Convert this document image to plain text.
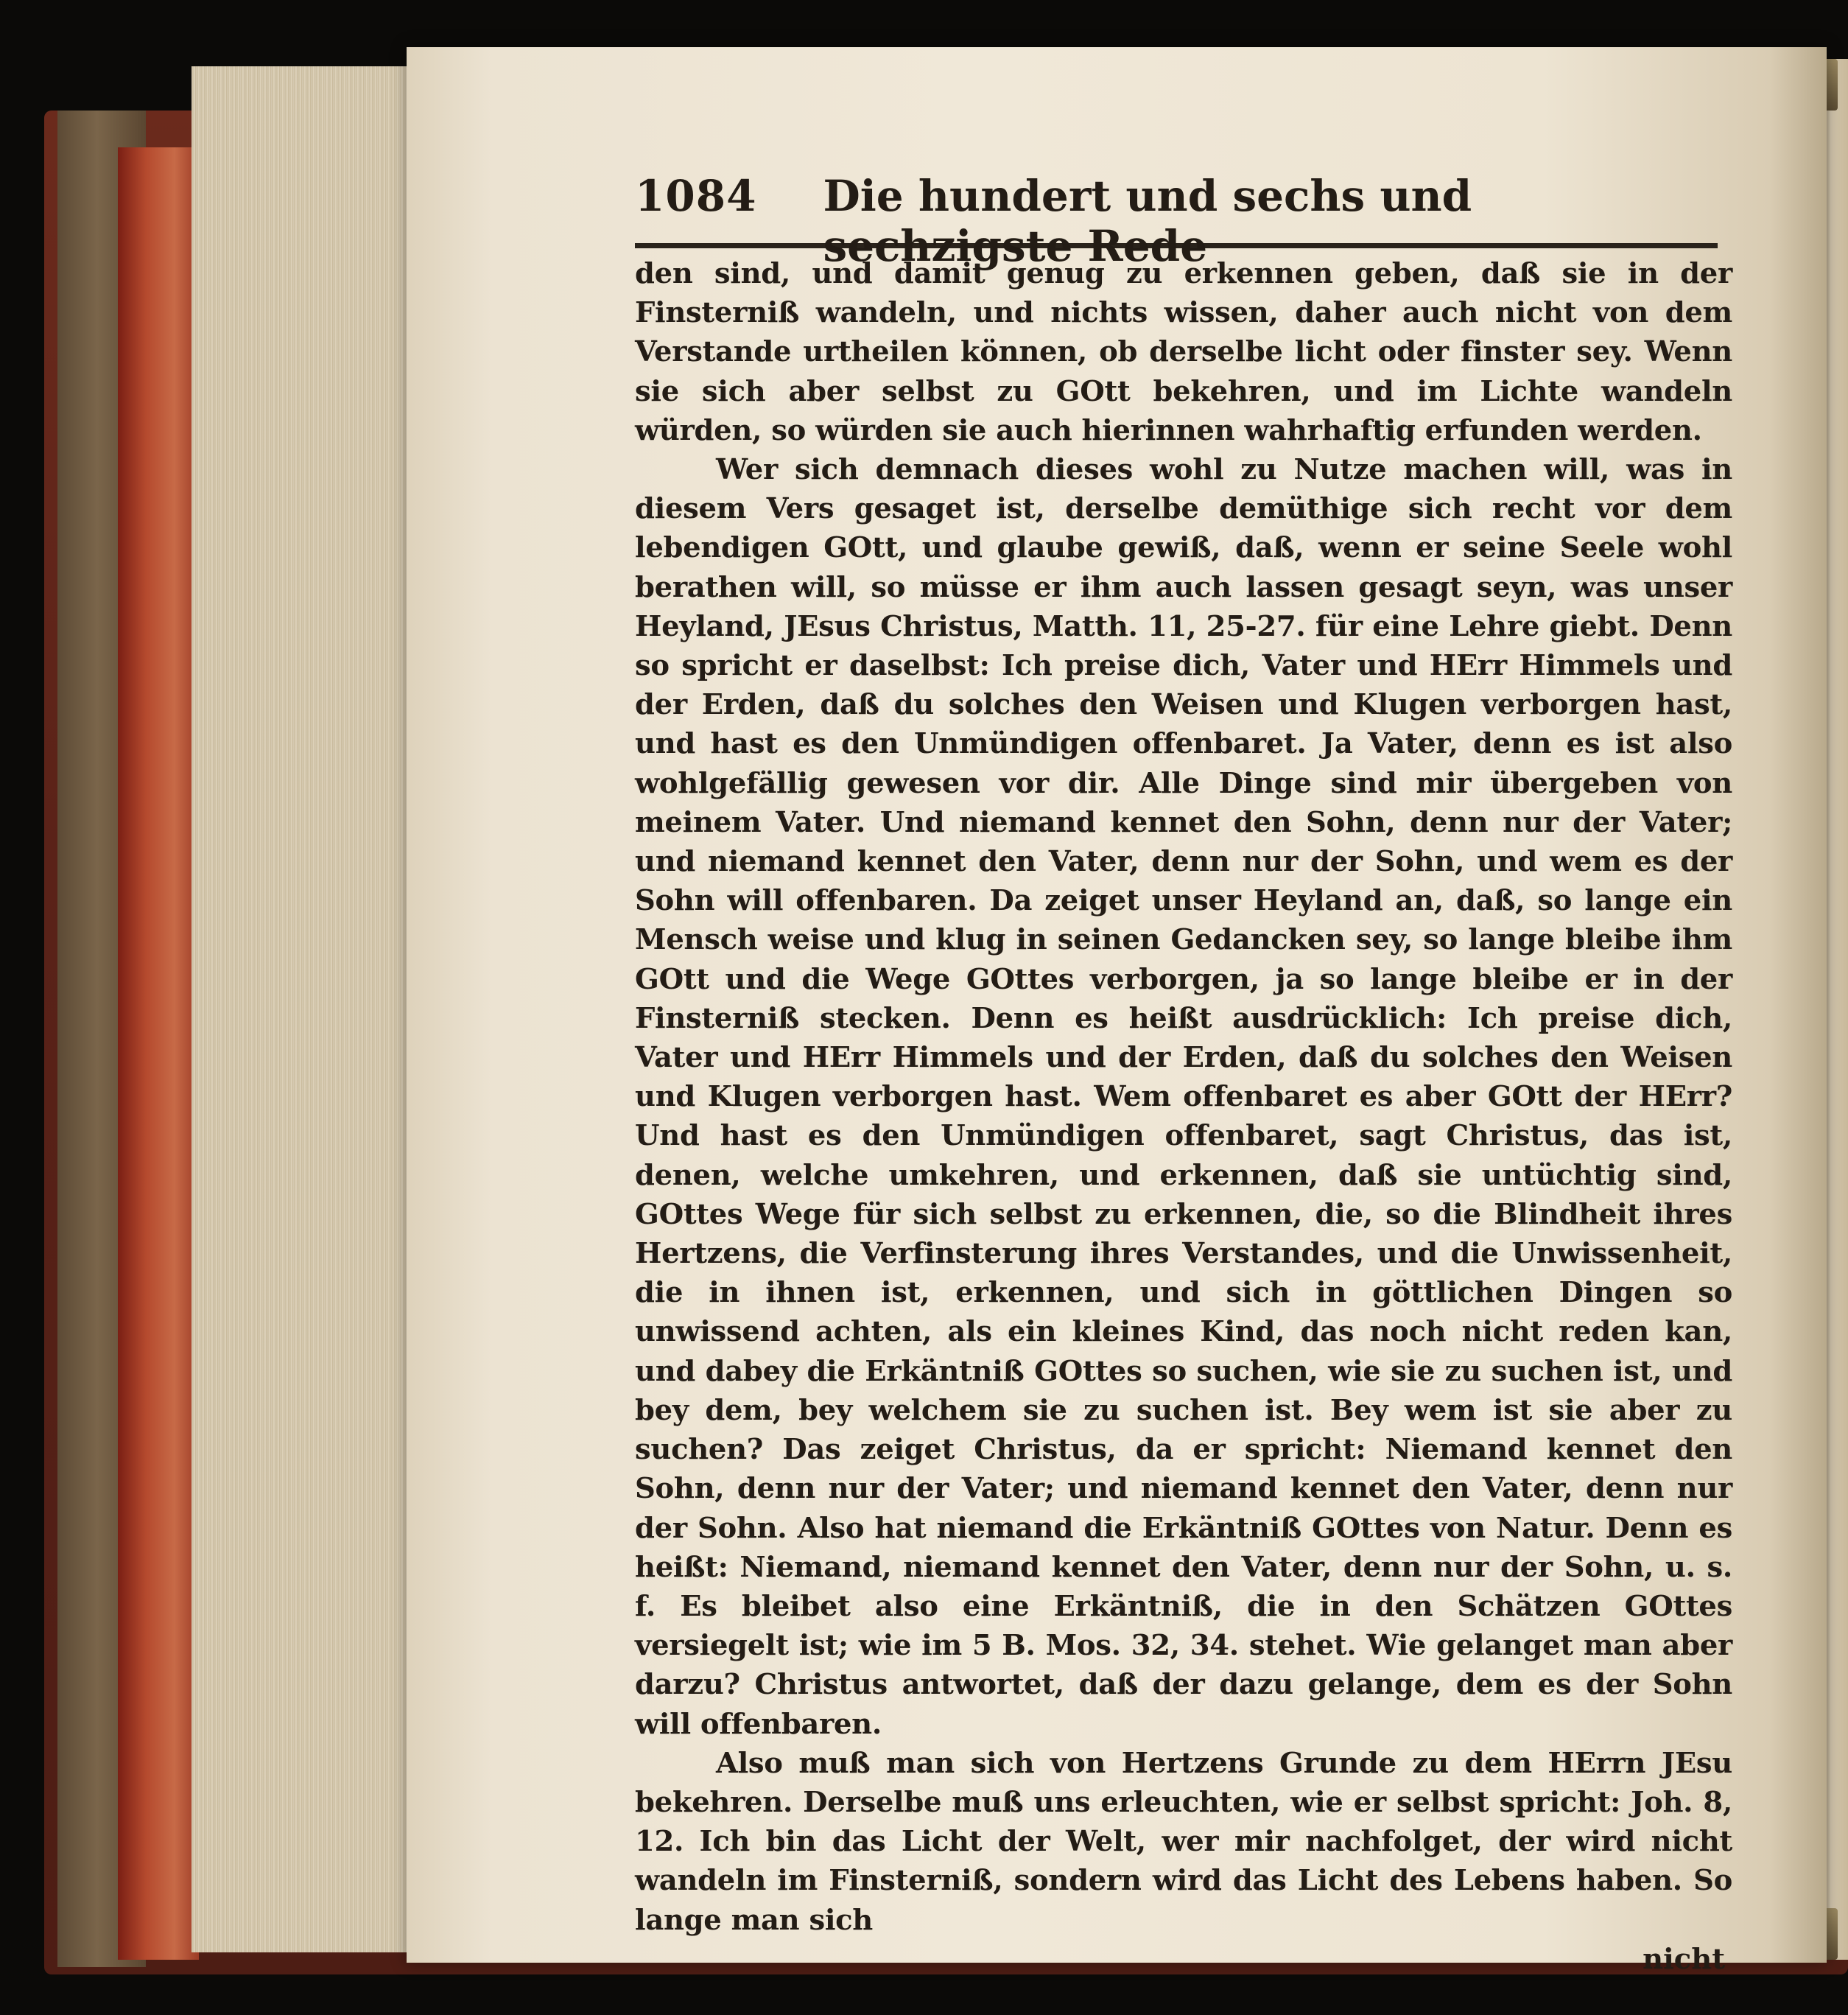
1084 Die hundert und sechs und sechzigste Rede

den sind, und damit genug zu erkennen geben, daß sie in der Finsterniß wandeln, und nichts wissen, daher auch nicht von dem Verstande urtheilen können, ob derselbe licht oder finster sey. Wenn sie sich aber selbst zu GOtt bekehren, und im Lichte wandeln würden, so würden sie auch hierinnen wahrhaftig erfunden werden.

Wer sich demnach dieses wohl zu Nutze machen will, was in diesem Vers gesaget ist, derselbe demüthige sich recht vor dem lebendigen GOtt, und glaube gewiß, daß, wenn er seine Seele wohl berathen will, so müsse er ihm auch lassen gesagt seyn, was unser Heyland, JEsus Christus, Matth. 11, 25-27. für eine Lehre giebt. Denn so spricht er daselbst: Ich preise dich, Vater und HErr Himmels und der Erden, daß du solches den Weisen und Klugen verborgen hast, und hast es den Unmündigen offenbaret. Ja Vater, denn es ist also wohlgefällig gewesen vor dir. Alle Dinge sind mir übergeben von meinem Vater. Und niemand kennet den Sohn, denn nur der Vater; und niemand kennet den Vater, denn nur der Sohn, und wem es der Sohn will offenbaren. Da zeiget unser Heyland an, daß, so lange ein Mensch weise und klug in seinen Gedancken sey, so lange bleibe ihm GOtt und die Wege GOttes verborgen, ja so lange bleibe er in der Finsterniß stecken. Denn es heißt ausdrücklich: Ich preise dich, Vater und HErr Himmels und der Erden, daß du solches den Weisen und Klugen verborgen hast. Wem offenbaret es aber GOtt der HErr? Und hast es den Unmündigen offenbaret, sagt Christus, das ist, denen, welche umkehren, und erkennen, daß sie untüchtig sind, GOttes Wege für sich selbst zu erkennen, die, so die Blindheit ihres Hertzens, die Verfinsterung ihres Verstandes, und die Unwissenheit, die in ihnen ist, erkennen, und sich in göttlichen Dingen so unwissend achten, als ein kleines Kind, das noch nicht reden kan, und dabey die Erkäntniß GOttes so suchen, wie sie zu suchen ist, und bey dem, bey welchem sie zu suchen ist. Bey wem ist sie aber zu suchen? Das zeiget Christus, da er spricht: Niemand kennet den Sohn, denn nur der Vater; und niemand kennet den Vater, denn nur der Sohn. Also hat niemand die Erkäntniß GOttes von Natur. Denn es heißt: Niemand, niemand kennet den Vater, denn nur der Sohn, u. s. f. Es bleibet also eine Erkäntniß, die in den Schätzen GOttes versiegelt ist; wie im 5 B. Mos. 32, 34. stehet. Wie gelanget man aber darzu? Christus antwortet, daß der dazu gelange, dem es der Sohn will offenbaren.

Also muß man sich von Hertzens Grunde zu dem HErrn JEsu bekehren. Derselbe muß uns erleuchten, wie er selbst spricht: Joh. 8, 12. Ich bin das Licht der Welt, wer mir nachfolget, der wird nicht wandeln im Finsterniß, sondern wird das Licht des Lebens haben. So lange man sich

nicht
